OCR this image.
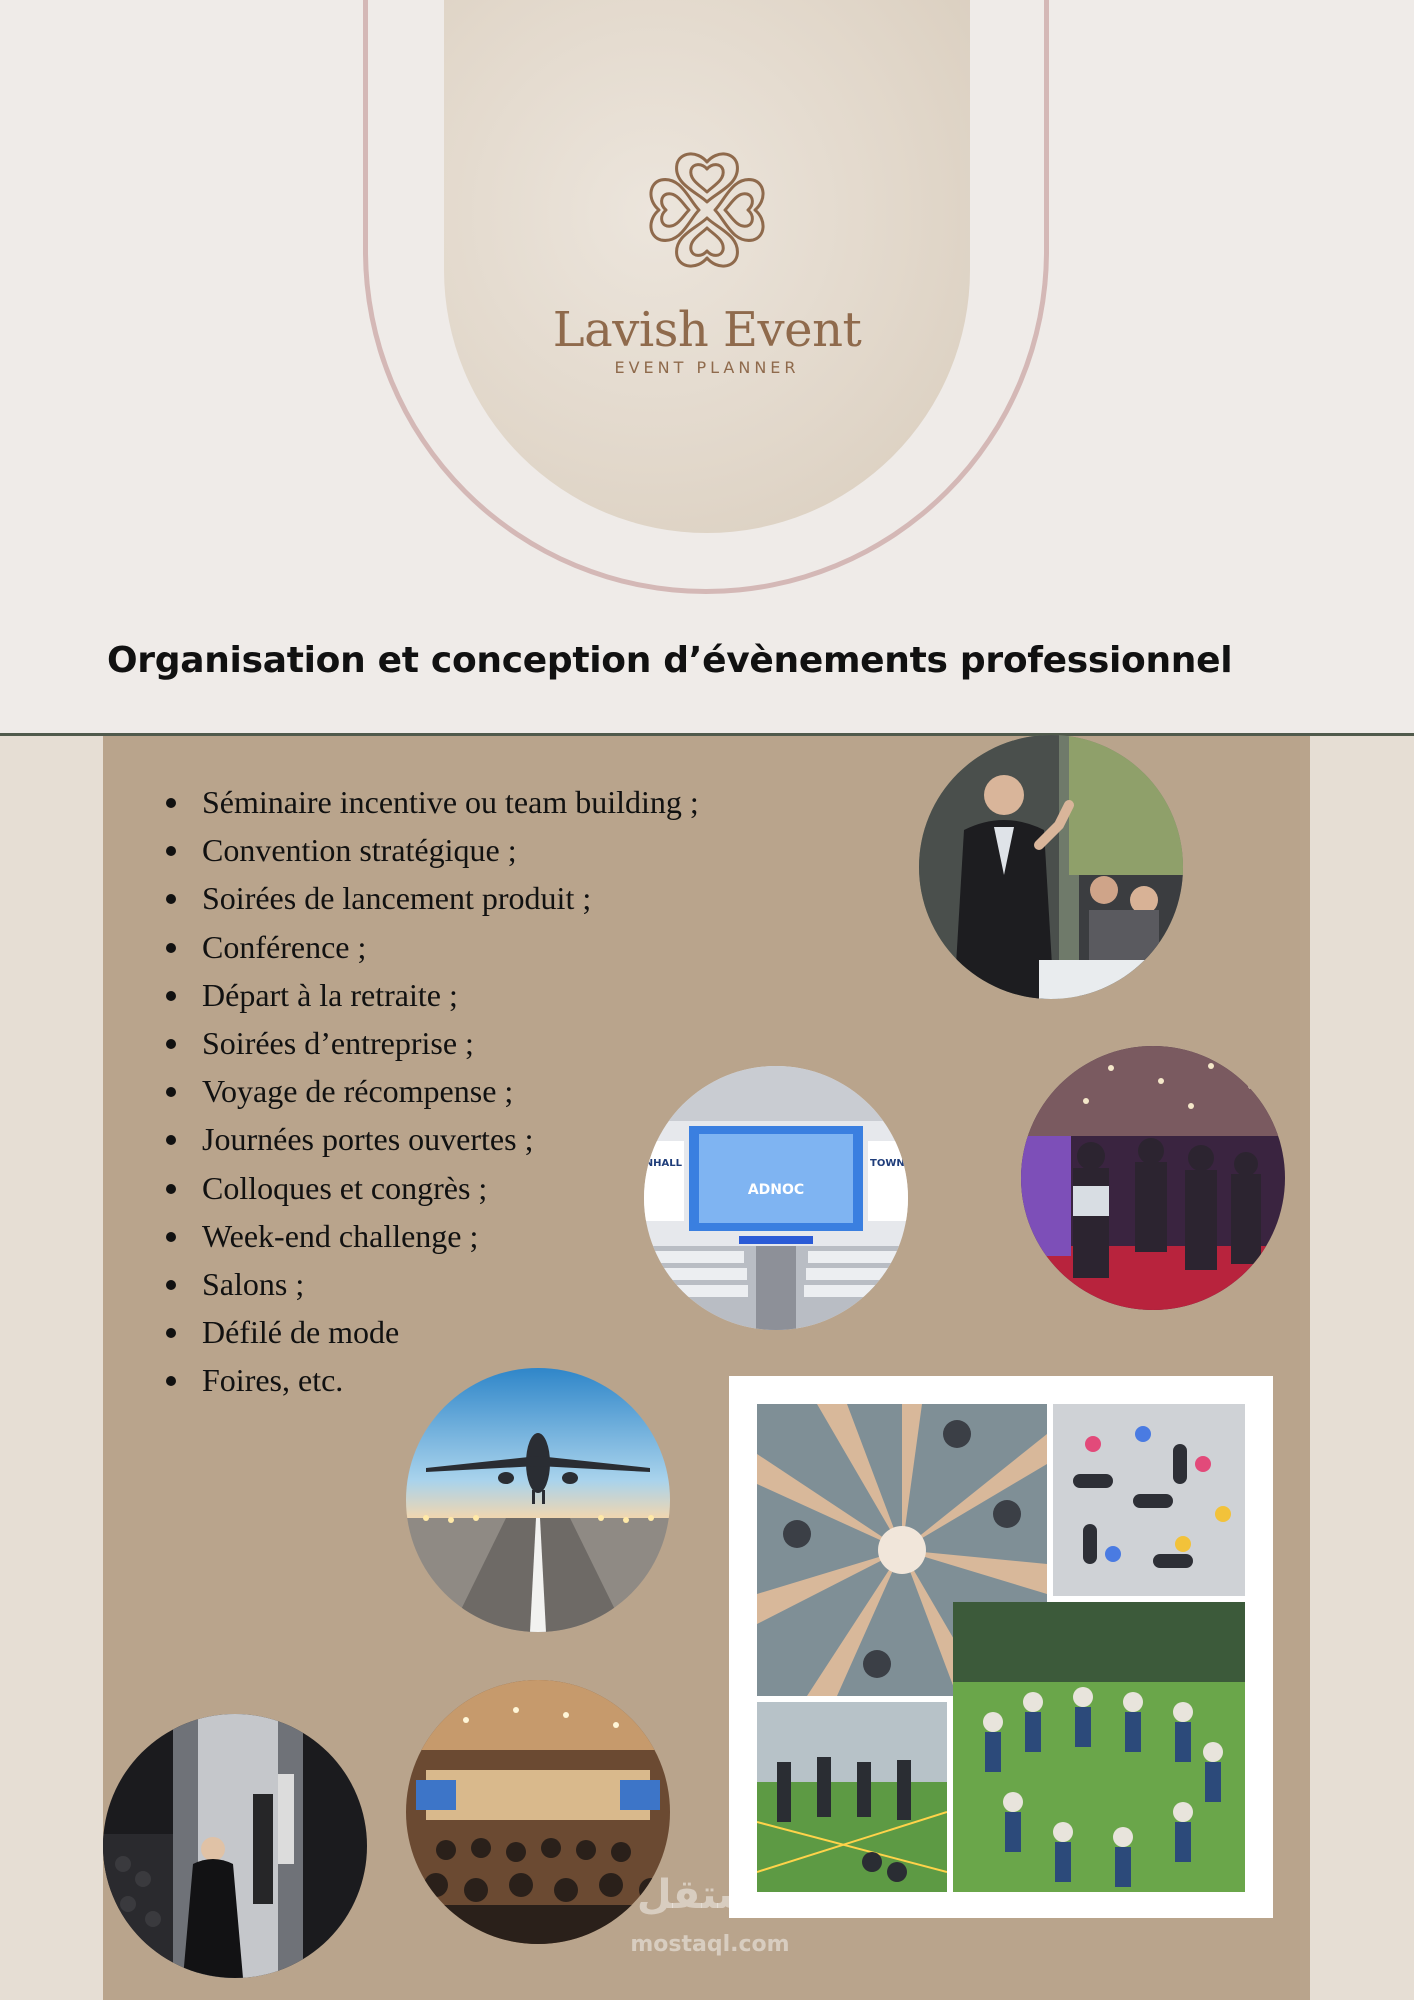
Lavish Event
EVENT PLANNER
Organisation et conception d’évènements professionnel
Séminaire incentive ou team building ;
Convention stratégique ;
Soirées de lancement produit ;
Conférence ;
Départ à la retraite ;
Soirées d’entreprise ;
Voyage de récompense ;
Journées portes ouvertes ;
Colloques et congrès ;
Week-end challenge ;
Salons ;
Défilé de mode
Foires, etc.
ADNOC
NHALL	TOWN
مستقل
mostaql.com
